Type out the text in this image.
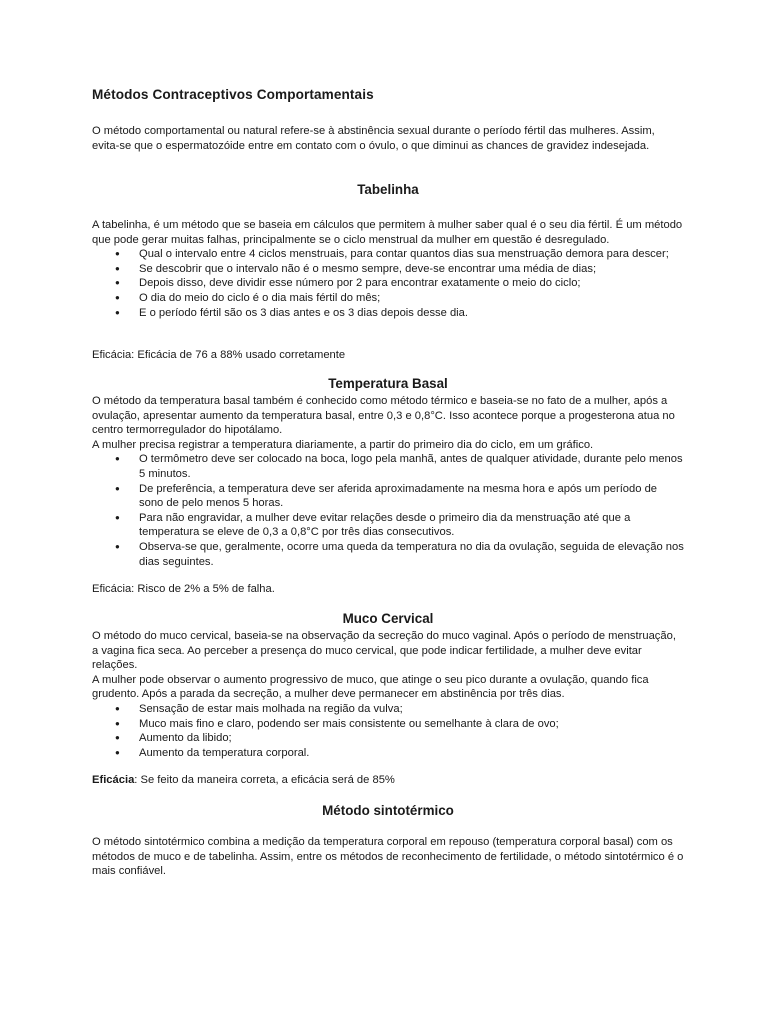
Métodos Contraceptivos Comportamentais

O método comportamental ou natural refere-se à abstinência sexual durante o período fértil das mulheres. Assim, evita-se que o espermatozóide entre em contato com o óvulo, o que diminui as chances de gravidez indesejada.

Tabelinha

A tabelinha, é um método que se baseia em cálculos que permitem à mulher saber qual é o seu dia fértil. É um método que pode gerar muitas falhas, principalmente se o ciclo menstrual da mulher em questão é desregulado.

● Qual o intervalo entre 4 ciclos menstruais, para contar quantos dias sua menstruação demora para descer;
● Se descobrir que o intervalo não é o mesmo sempre, deve-se encontrar uma média de dias;
● Depois disso, deve dividir esse número por 2 para encontrar exatamente o meio do ciclo;
● O dia do meio do ciclo é o dia mais fértil do mês;
● E o período fértil são os 3 dias antes e os 3 dias depois desse dia.

Eficácia: Eficácia de 76 a 88% usado corretamente

Temperatura Basal

O método da temperatura basal também é conhecido como método térmico e baseia-se no fato de a mulher, após a ovulação, apresentar aumento da temperatura basal, entre 0,3 e 0,8°C. Isso acontece porque a progesterona atua no centro termorregulador do hipotálamo.

A mulher precisa registrar a temperatura diariamente, a partir do primeiro dia do ciclo, em um gráfico.

● O termômetro deve ser colocado na boca, logo pela manhã, antes de qualquer atividade, durante pelo menos 5 minutos.
● De preferência, a temperatura deve ser aferida aproximadamente na mesma hora e após um período de sono de pelo menos 5 horas.
● Para não engravidar, a mulher deve evitar relações desde o primeiro dia da menstruação até que a temperatura se eleve de 0,3 a 0,8°C por três dias consecutivos.
● Observa-se que, geralmente, ocorre uma queda da temperatura no dia da ovulação, seguida de elevação nos dias seguintes.

Eficácia: Risco de 2% a 5% de falha.

Muco Cervical

O método do muco cervical, baseia-se na observação da secreção do muco vaginal. Após o período de menstruação, a vagina fica seca. Ao perceber a presença do muco cervical, que pode indicar fertilidade, a mulher deve evitar relações.

A mulher pode observar o aumento progressivo de muco, que atinge o seu pico durante a ovulação, quando fica grudento. Após a parada da secreção, a mulher deve permanecer em abstinência por três dias.

● Sensação de estar mais molhada na região da vulva;
● Muco mais fino e claro, podendo ser mais consistente ou semelhante à clara de ovo;
● Aumento da libido;
● Aumento da temperatura corporal.

Eficácia: Se feito da maneira correta, a eficácia será de 85%

Método sintotérmico

O método sintotérmico combina a medição da temperatura corporal em repouso (temperatura corporal basal) com os métodos de muco e de tabelinha. Assim, entre os métodos de reconhecimento de fertilidade, o método sintotérmico é o mais confiável.
